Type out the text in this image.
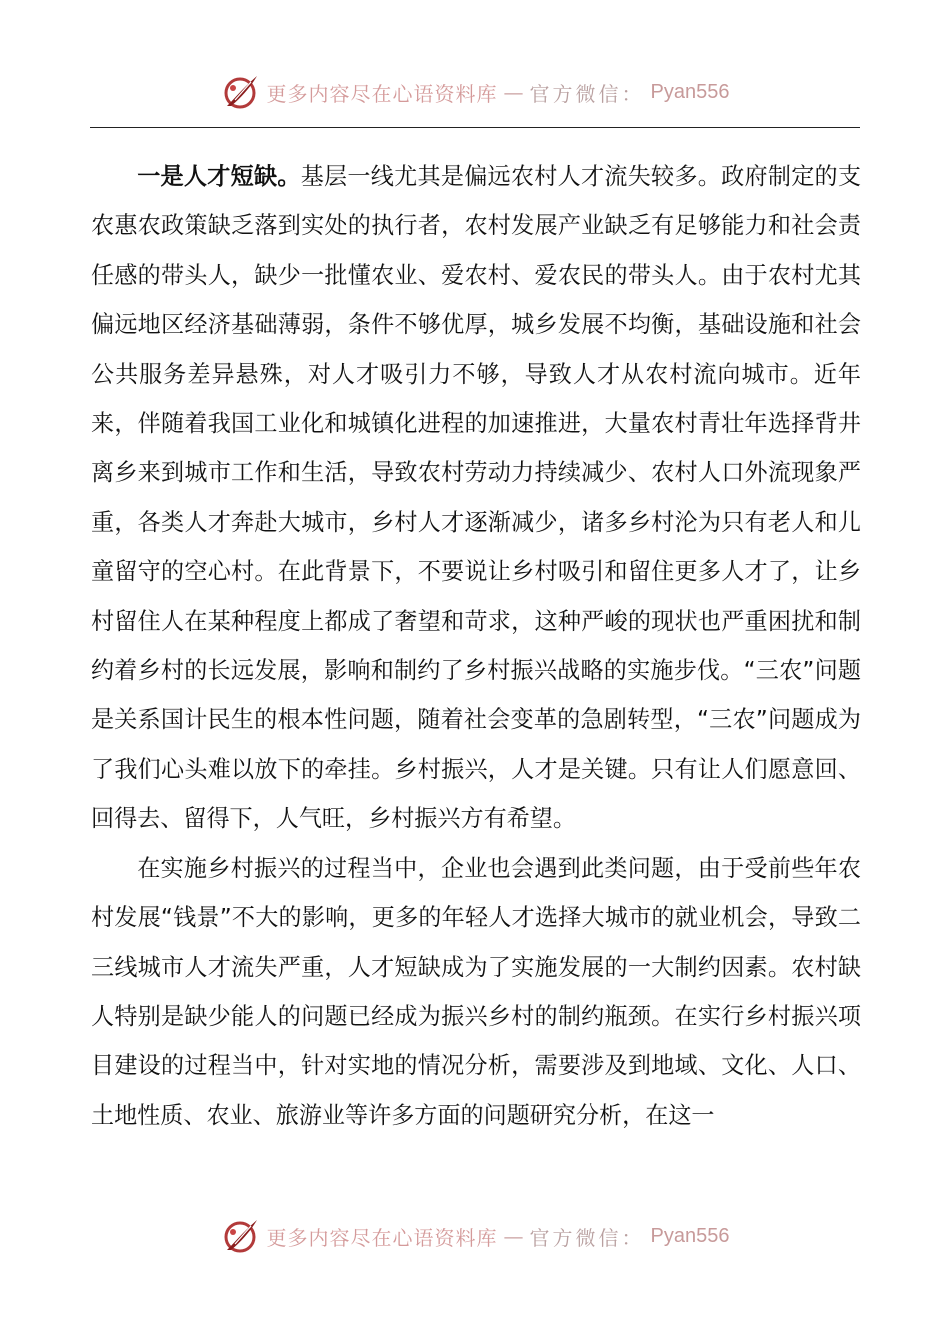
更多内容尽在心语资料库 — 官方微信： Pyan556

一是人才短缺。基层一线尤其是偏远农村人才流失较多。政府制定的支农惠农政策缺乏落到实处的执行者，农村发展产业缺乏有足够能力和社会责任感的带头人，缺少一批懂农业、爱农村、爱农民的带头人。由于农村尤其偏远地区经济基础薄弱，条件不够优厚，城乡发展不均衡，基础设施和社会公共服务差异悬殊，对人才吸引力不够，导致人才从农村流向城市。近年来，伴随着我国工业化和城镇化进程的加速推进，大量农村青壮年选择背井离乡来到城市工作和生活，导致农村劳动力持续减少、农村人口外流现象严重，各类人才奔赴大城市，乡村人才逐渐减少，诸多乡村沦为只有老人和儿童留守的空心村。在此背景下，不要说让乡村吸引和留住更多人才了，让乡村留住人在某种程度上都成了奢望和苛求，这种严峻的现状也严重困扰和制约着乡村的长远发展，影响和制约了乡村振兴战略的实施步伐。“三农”问题是关系国计民生的根本性问题，随着社会变革的急剧转型，“三农”问题成为了我们心头难以放下的牵挂。乡村振兴，人才是关键。只有让人们愿意回、回得去、留得下，人气旺，乡村振兴方有希望。

在实施乡村振兴的过程当中，企业也会遇到此类问题，由于受前些年农村发展“钱景”不大的影响，更多的年轻人才选择大城市的就业机会，导致二三线城市人才流失严重，人才短缺成为了实施发展的一大制约因素。农村缺人特别是缺少能人的问题已经成为振兴乡村的制约瓶颈。在实行乡村振兴项目建设的过程当中，针对实地的情况分析，需要涉及到地域、文化、人口、土地性质、农业、旅游业等许多方面的问题研究分析，在这一

更多内容尽在心语资料库 — 官方微信： Pyan556
